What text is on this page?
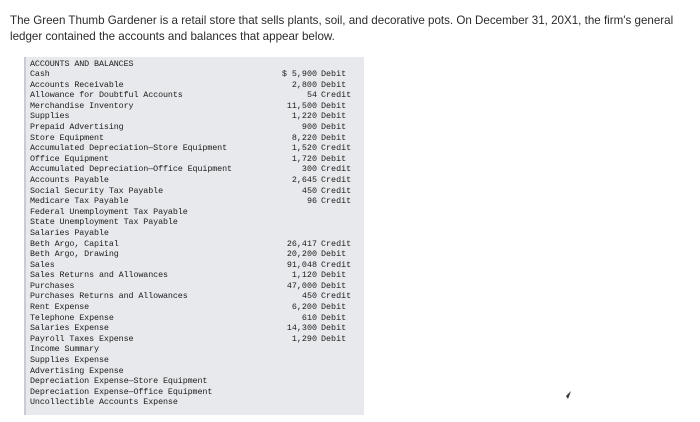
The Green Thumb Gardener is a retail store that sells plants, soil, and decorative pots. On December 31, 20X1, the firm's general ledger contained the accounts and balances that appear below.
ACCOUNTS AND BALANCES
Cash	$ 5,900 Debit
Accounts Receivable	2,800 Debit
Allowance for Doubtful Accounts	54 Credit
Merchandise Inventory	11,500 Debit
Supplies	1,220 Debit
Prepaid Advertising	900 Debit
Store Equipment	8,220 Debit
Accumulated Depreciation—Store Equipment	1,520 Credit
Office Equipment	1,720 Debit
Accumulated Depreciation—Office Equipment	300 Credit
Accounts Payable	2,645 Credit
Social Security Tax Payable	450 Credit
Medicare Tax Payable	96 Credit
Federal Unemployment Tax Payable
State Unemployment Tax Payable
Salaries Payable
Beth Argo, Capital	26,417 Credit
Beth Argo, Drawing	20,200 Debit
Sales	91,048 Credit
Sales Returns and Allowances	1,120 Debit
Purchases	47,000 Debit
Purchases Returns and Allowances	450 Credit
Rent Expense	6,200 Debit
Telephone Expense	610 Debit
Salaries Expense	14,300 Debit
Payroll Taxes Expense	1,290 Debit
Income Summary
Supplies Expense
Advertising Expense
Depreciation Expense—Store Equipment
Depreciation Expense—Office Equipment
Uncollectible Accounts Expense
